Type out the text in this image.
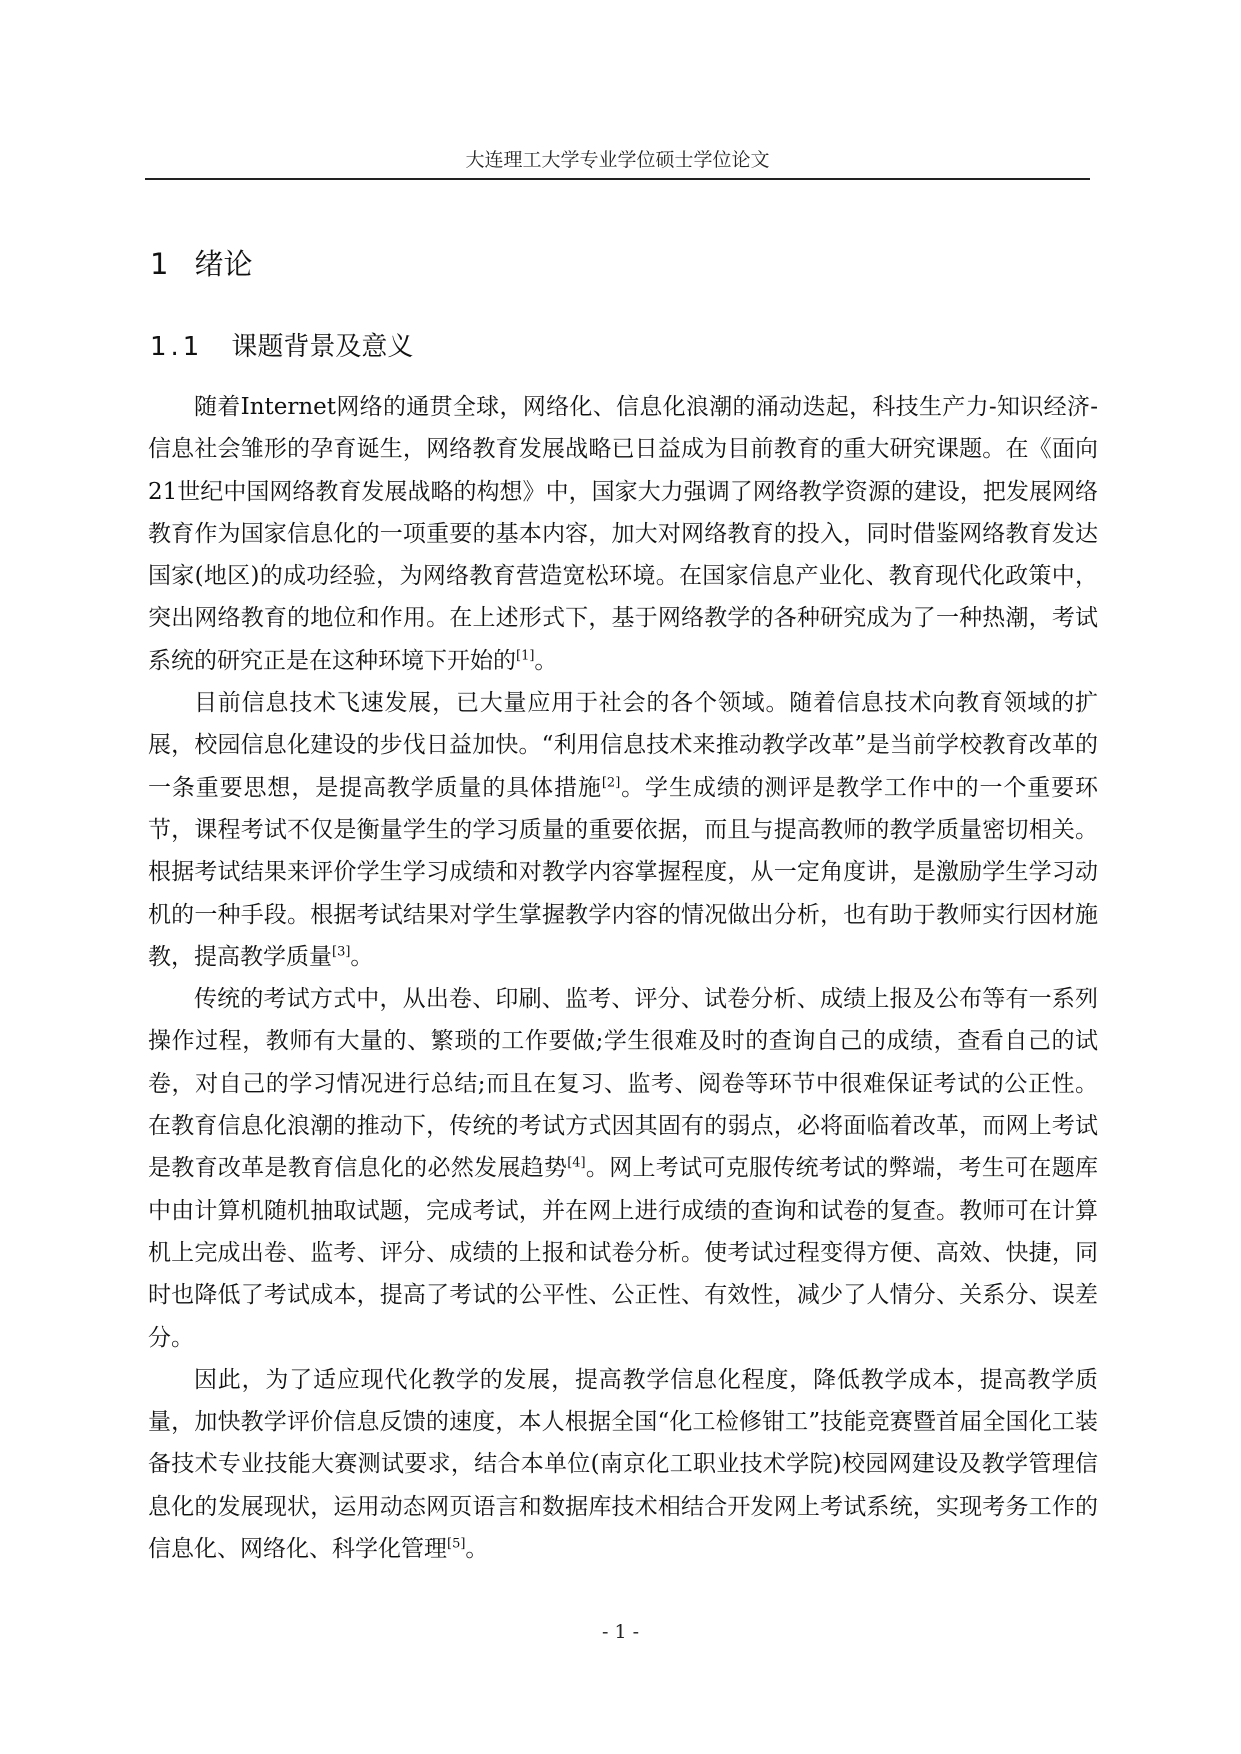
大连理工大学专业学位硕士学位论文
1 绪论
1.1 课题背景及意义

随着Internet网络的通贯全球，网络化、信息化浪潮的涌动迭起，科技生产力-知识经济-信息社会雏形的孕育诞生，网络教育发展战略已日益成为目前教育的重大研究课题。在《面向21世纪中国网络教育发展战略的构想》中，国家大力强调了网络教学资源的建设，把发展网络教育作为国家信息化的一项重要的基本内容，加大对网络教育的投入，同时借鉴网络教育发达国家(地区)的成功经验，为网络教育营造宽松环境。在国家信息产业化、教育现代化政策中，突出网络教育的地位和作用。在上述形式下，基于网络教学的各种研究成为了一种热潮，考试系统的研究正是在这种环境下开始的[1]。

目前信息技术飞速发展，已大量应用于社会的各个领域。随着信息技术向教育领域的扩展，校园信息化建设的步伐日益加快。“利用信息技术来推动教学改革”是当前学校教育改革的一条重要思想，是提高教学质量的具体措施[2]。学生成绩的测评是教学工作中的一个重要环节，课程考试不仅是衡量学生的学习质量的重要依据，而且与提高教师的教学质量密切相关。根据考试结果来评价学生学习成绩和对教学内容掌握程度，从一定角度讲，是激励学生学习动机的一种手段。根据考试结果对学生掌握教学内容的情况做出分析，也有助于教师实行因材施教，提高教学质量[3]。

传统的考试方式中，从出卷、印刷、监考、评分、试卷分析、成绩上报及公布等有一系列操作过程，教师有大量的、繁琐的工作要做;学生很难及时的查询自己的成绩，查看自己的试卷，对自己的学习情况进行总结;而且在复习、监考、阅卷等环节中很难保证考试的公正性。在教育信息化浪潮的推动下，传统的考试方式因其固有的弱点，必将面临着改革，而网上考试是教育改革是教育信息化的必然发展趋势[4]。网上考试可克服传统考试的弊端，考生可在题库中由计算机随机抽取试题，完成考试，并在网上进行成绩的查询和试卷的复查。教师可在计算机上完成出卷、监考、评分、成绩的上报和试卷分析。使考试过程变得方便、高效、快捷，同时也降低了考试成本，提高了考试的公平性、公正性、有效性，减少了人情分、关系分、误差分。

因此，为了适应现代化教学的发展，提高教学信息化程度，降低教学成本，提高教学质量，加快教学评价信息反馈的速度，本人根据全国“化工检修钳工”技能竞赛暨首届全国化工装备技术专业技能大赛测试要求，结合本单位(南京化工职业技术学院)校园网建设及教学管理信息化的发展现状，运用动态网页语言和数据库技术相结合开发网上考试系统，实现考务工作的信息化、网络化、科学化管理[5]。

- 1 -
